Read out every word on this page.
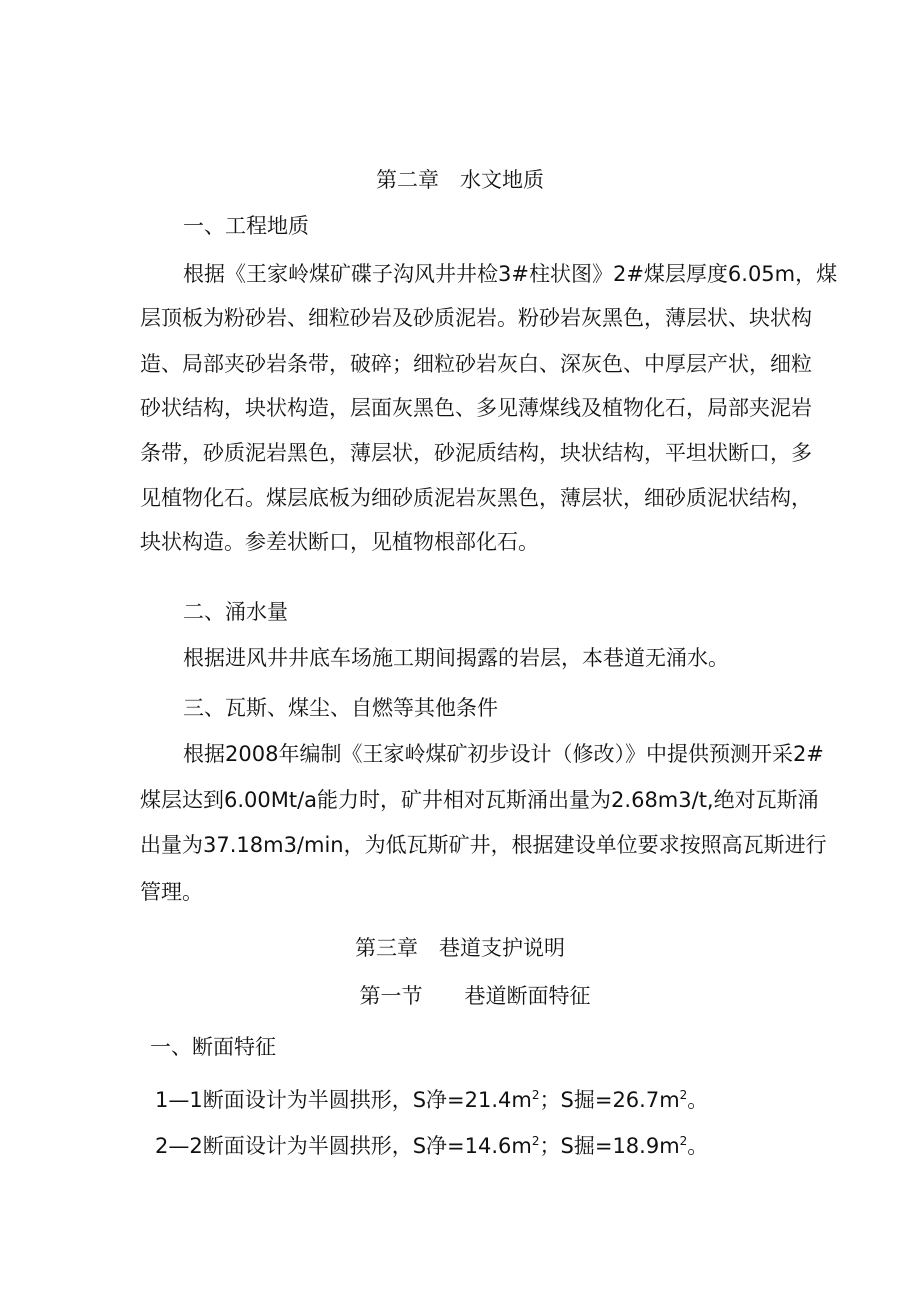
第二章　水文地质
一、工程地质
根据《王家岭煤矿碟子沟风井井检3#柱状图》2#煤层厚度6.05m，煤
层顶板为粉砂岩、细粒砂岩及砂质泥岩。粉砂岩灰黑色，薄层状、块状构
造、局部夹砂岩条带，破碎；细粒砂岩灰白、深灰色、中厚层产状，细粒
砂状结构，块状构造，层面灰黑色、多见薄煤线及植物化石，局部夹泥岩
条带，砂质泥岩黑色，薄层状，砂泥质结构，块状结构，平坦状断口，多
见植物化石。煤层底板为细砂质泥岩灰黑色，薄层状，细砂质泥状结构，
块状构造。参差状断口，见植物根部化石。
二、涌水量
根据进风井井底车场施工期间揭露的岩层，本巷道无涌水。
三、瓦斯、煤尘、自燃等其他条件
根据2008年编制《王家岭煤矿初步设计（修改）》中提供预测开采2#
煤层达到6.00Mt/a能力时，矿井相对瓦斯涌出量为2.68m3/t,绝对瓦斯涌
出量为37.18m3/min，为低瓦斯矿井，根据建设单位要求按照高瓦斯进行
管理。
第三章　巷道支护说明
第一节　　巷道断面特征
一、断面特征
1—1断面设计为半圆拱形，S净$=21.4m^2$；S掘$=26.7m^2$。
2—2断面设计为半圆拱形，S净$=14.6m^2$；S掘$=18.9m^2$。
